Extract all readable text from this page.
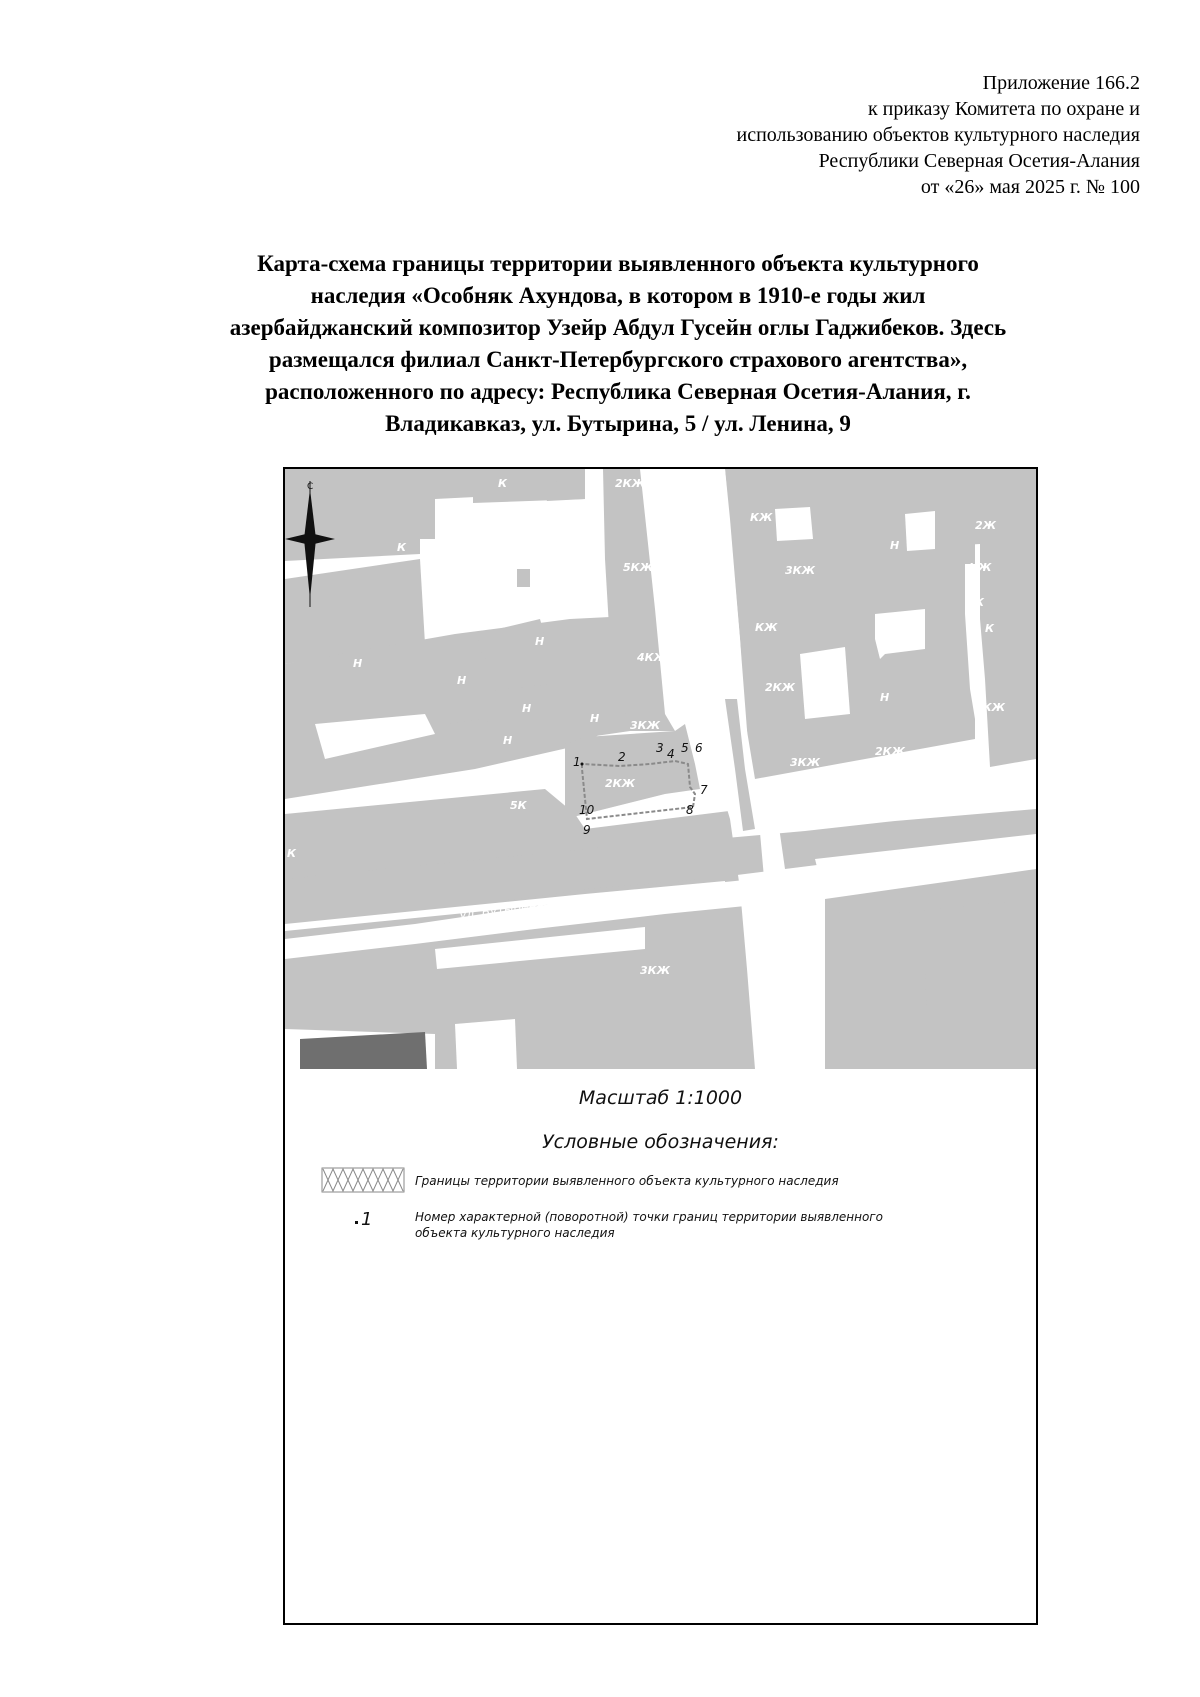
Приложение 166.2
к приказу Комитета по охране и
использованию объектов культурного наследия
Республики Северная Осетия-Алания
от «26» мая 2025 г. № 100
Карта-схема границы территории выявленного объекта культурного
наследия «Особняк Ахундова, в котором в 1910-е годы жил
азербайджанский композитор Узейр Абдул Гусейн оглы Гаджибеков. Здесь
размещался филиал Санкт-Петербургского страхового агентства»,
расположенного по адресу: Республика Северная Осетия-Алания, г.
Владикавказ, ул. Бутырина, 5 / ул. Ленина, 9
К	2КЖ
КЖ
К	Н
2Ж
5КЖ	3КЖ	КЖ
Н
4КЖ
Н
Н
К
КЖ	К
2КЖ
Н
Н
Н	2КЖ
Н
3КЖ
3КЖ
2КЖ
Н
5К
2КЖ
К
3КЖ
1	2
3 4 5 6
7
8
9
10
ул. Бутырина
С
Масштаб 1:1000
Условные обозначения:
Границы территории выявленного объекта культурного наследия
1	Номер характерной (поворотной) точки границ территории выявленного объекта культурного наследия
